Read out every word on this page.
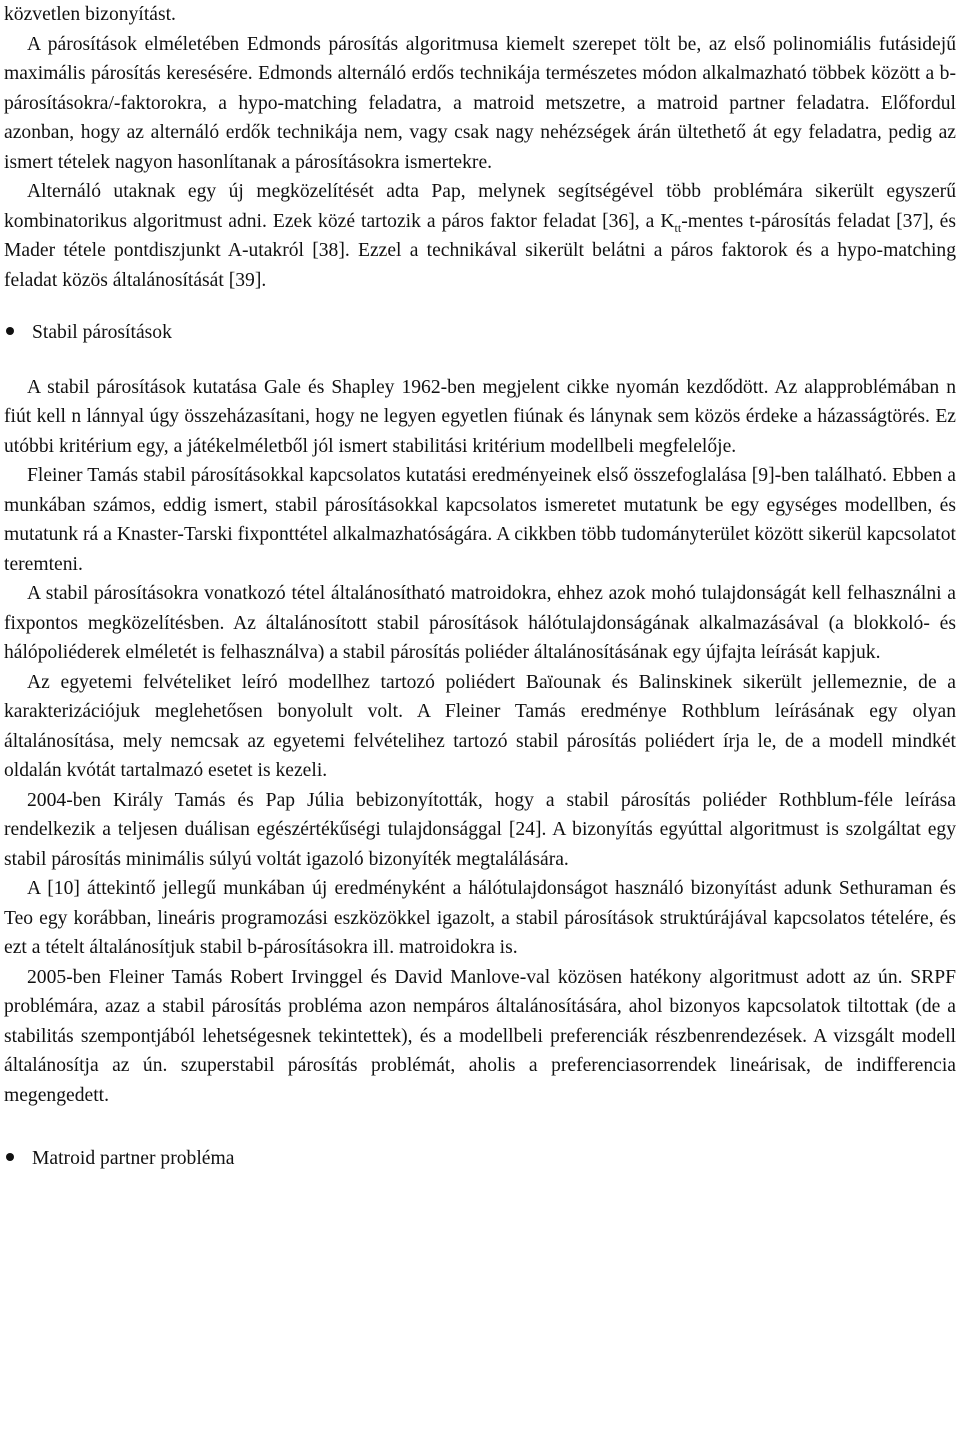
közvetlen bizonyítást.

A párosítások elméletében Edmonds párosítás algoritmusa kiemelt szerepet tölt be, az első polinomiális futásidejű maximális párosítás keresésére. Edmonds alternáló erdős technikája természetes módon alkalmazható többek között a b-párosításokra/-faktorokra, a hypo-matching feladatra, a matroid metszetre, a matroid partner feladatra. Előfordul azonban, hogy az alternáló erdők technikája nem, vagy csak nagy nehézségek árán ültethető át egy feladatra, pedig az ismert tételek nagyon hasonlítanak a párosításokra ismertekre.

Alternáló utaknak egy új megközelítését adta Pap, melynek segítségével több problémára sikerült egyszerű kombinatorikus algoritmust adni. Ezek közé tartozik a páros faktor feladat [36], a $K_{tt}$-mentes t-párosítás feladat [37], és Mader tétele pontdiszjunkt A-utakról [38]. Ezzel a technikával sikerült belátni a páros faktorok és a hypo-matching feladat közös általánosítását [39].

Stabil párosítások

A stabil párosítások kutatása Gale és Shapley 1962-ben megjelent cikke nyomán kezdődött. Az alapproblémában n fiút kell n lánnyal úgy összeházasítani, hogy ne legyen egyetlen fiúnak és lánynak sem közös érdeke a házasságtörés. Ez utóbbi kritérium egy, a játékelméletből jól ismert stabilitási kritérium modellbeli megfelelője.

Fleiner Tamás stabil párosításokkal kapcsolatos kutatási eredményeinek első összefoglalása [9]-ben található. Ebben a munkában számos, eddig ismert, stabil párosításokkal kapcsolatos ismeretet mutatunk be egy egységes modellben, és mutatunk rá a Knaster-Tarski fixponttétel alkalmazhatóságára. A cikkben több tudományterület között sikerül kapcsolatot teremteni.

A stabil párosításokra vonatkozó tétel általánosítható matroidokra, ehhez azok mohó tulajdonságát kell felhasználni a fixpontos megközelítésben. Az általánosított stabil párosítások hálótulajdonságának alkalmazásával (a blokkoló- és hálópoliéderek elméletét is felhasználva) a stabil párosítás poliéder általánosításának egy újfajta leírását kapjuk.

Az egyetemi felvételiket leíró modellhez tartozó poliédert Baïounak és Balinskinek sikerült jellemeznie, de a karakterizációjuk meglehetősen bonyolult volt. A Fleiner Tamás eredménye Rothblum leírásának egy olyan általánosítása, mely nemcsak az egyetemi felvételihez tartozó stabil párosítás poliédert írja le, de a modell mindkét oldalán kvótát tartalmazó esetet is kezeli.

2004-ben Király Tamás és Pap Júlia bebizonyították, hogy a stabil párosítás poliéder Rothblum-féle leírása rendelkezik a teljesen duálisan egészértékűségi tulajdonsággal [24]. A bizonyítás egyúttal algoritmust is szolgáltat egy stabil párosítás minimális súlyú voltát igazoló bizonyíték megtalálására.

A [10] áttekintő jellegű munkában új eredményként a hálótulajdonságot használó bizonyítást adunk Sethuraman és Teo egy korábban, lineáris programozási eszközökkel igazolt, a stabil párosítások struktúrájával kapcsolatos tételére, és ezt a tételt általánosítjuk stabil b-párosításokra ill. matroidokra is.

2005-ben Fleiner Tamás Robert Irvinggel és David Manlove-val közösen hatékony algoritmust adott az ún. SRPF problémára, azaz a stabil párosítás probléma azon nempáros általánosítására, ahol bizonyos kapcsolatok tiltottak (de a stabilitás szempontjából lehetségesnek tekintettek), és a modellbeli preferenciák részbenrendezések. A vizsgált modell általánosítja az ún. szuperstabil párosítás problémát, aholis a preferenciasorrendek lineárisak, de indifferencia megengedett.

Matroid partner probléma
